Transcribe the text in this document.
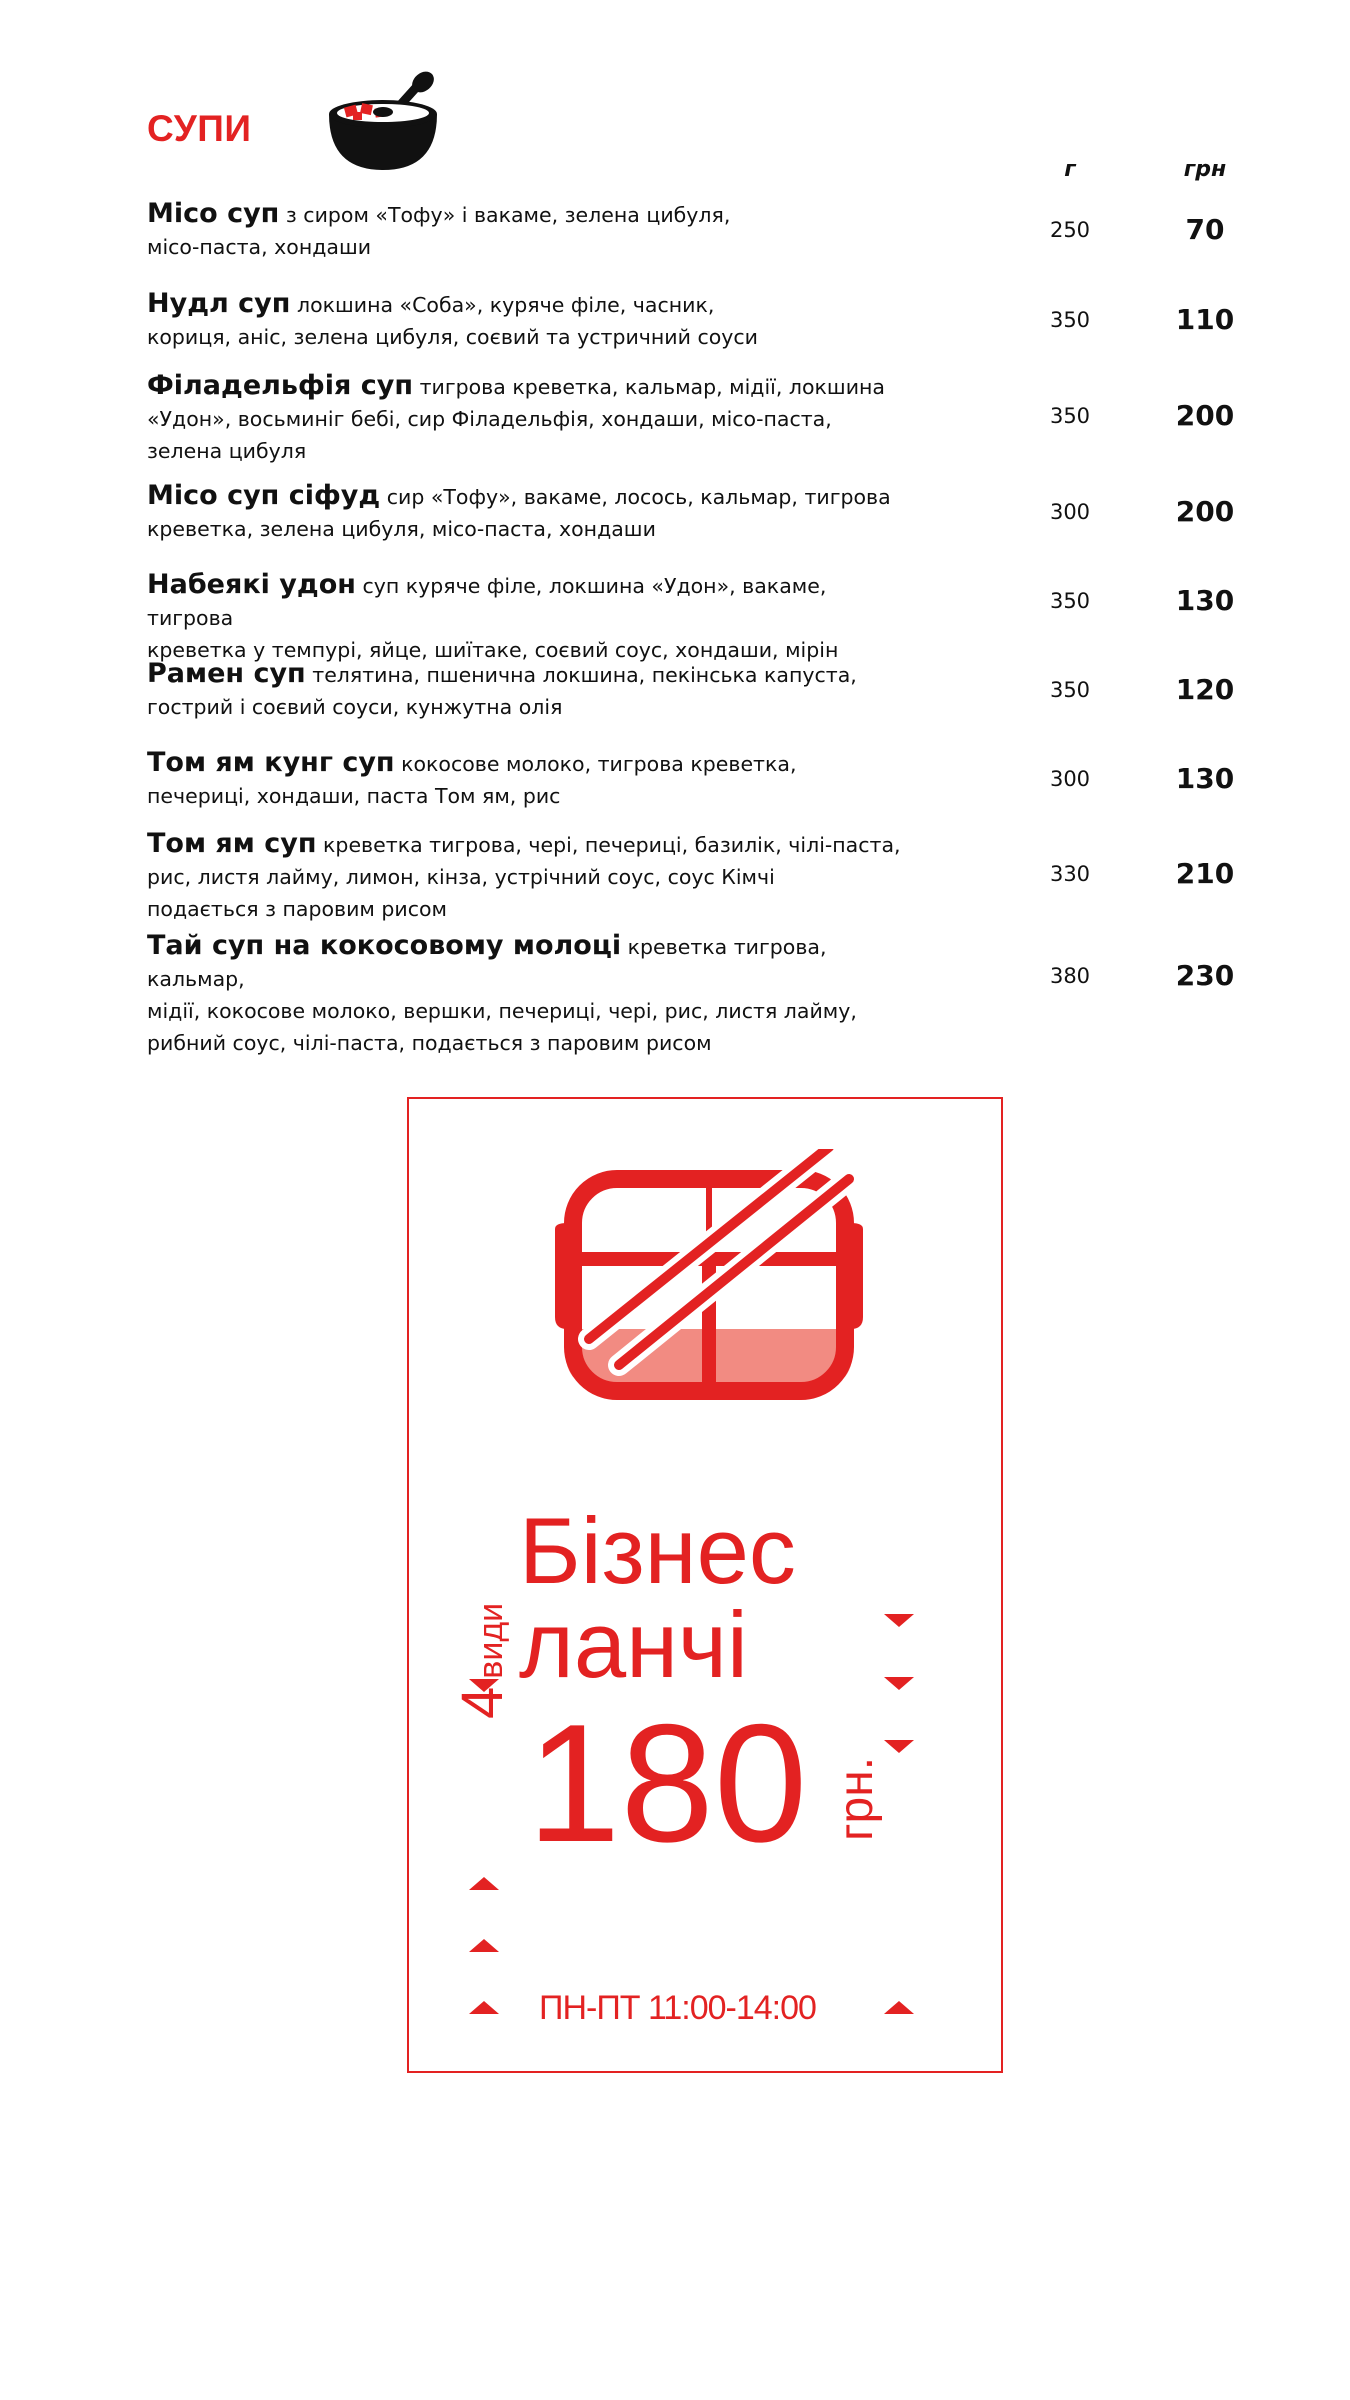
СУПИ
г	грн
Місо суп з сиром «Тофу» і вакаме, зелена цибуля,
місо-паста, хондаши
250	70
Нудл суп локшина «Соба», куряче філе, часник,
кориця, аніс, зелена цибуля, соєвий та устричний соуси
350	110
Філадельфія суп тигрова креветка, кальмар, мідії, локшина
«Удон», восьминіг бебі, сир Філадельфія, хондаши, місо-паста, зелена цибуля
350	200
Місо суп сіфуд сир «Тофу», вакаме, лосось, кальмар, тигрова
креветка, зелена цибуля, місо-паста, хондаши
300	200
Набеякі удон суп куряче філе, локшина «Удон», вакаме, тигрова
креветка у темпурі, яйце, шиїтаке, соєвий соус, хондаши, мірін
350	130
Рамен суп телятина, пшенична локшина, пекінська капуста,
гострий і соєвий соуси, кунжутна олія
350	120
Том ям кунг суп кокосове молоко, тигрова креветка,
печериці, хондаши, паста Том ям, рис
300	130
Том ям суп креветка тигрова, чері, печериці, базилік, чілі-паста,
рис, листя лайму, лимон, кінза, устрічний соус, соус Кімчі подається з паровим рисом
330	210
Тай суп на кокосовому молоці креветка тигрова, кальмар,
мідії, кокосове молоко, вершки, печериці, чері, рис, листя лайму, рибний соус, чілі-паста, подається з паровим рисом
380	230
4види
Бізнес
ланчі
180 грн.
ПН-ПТ 11:00-14:00
